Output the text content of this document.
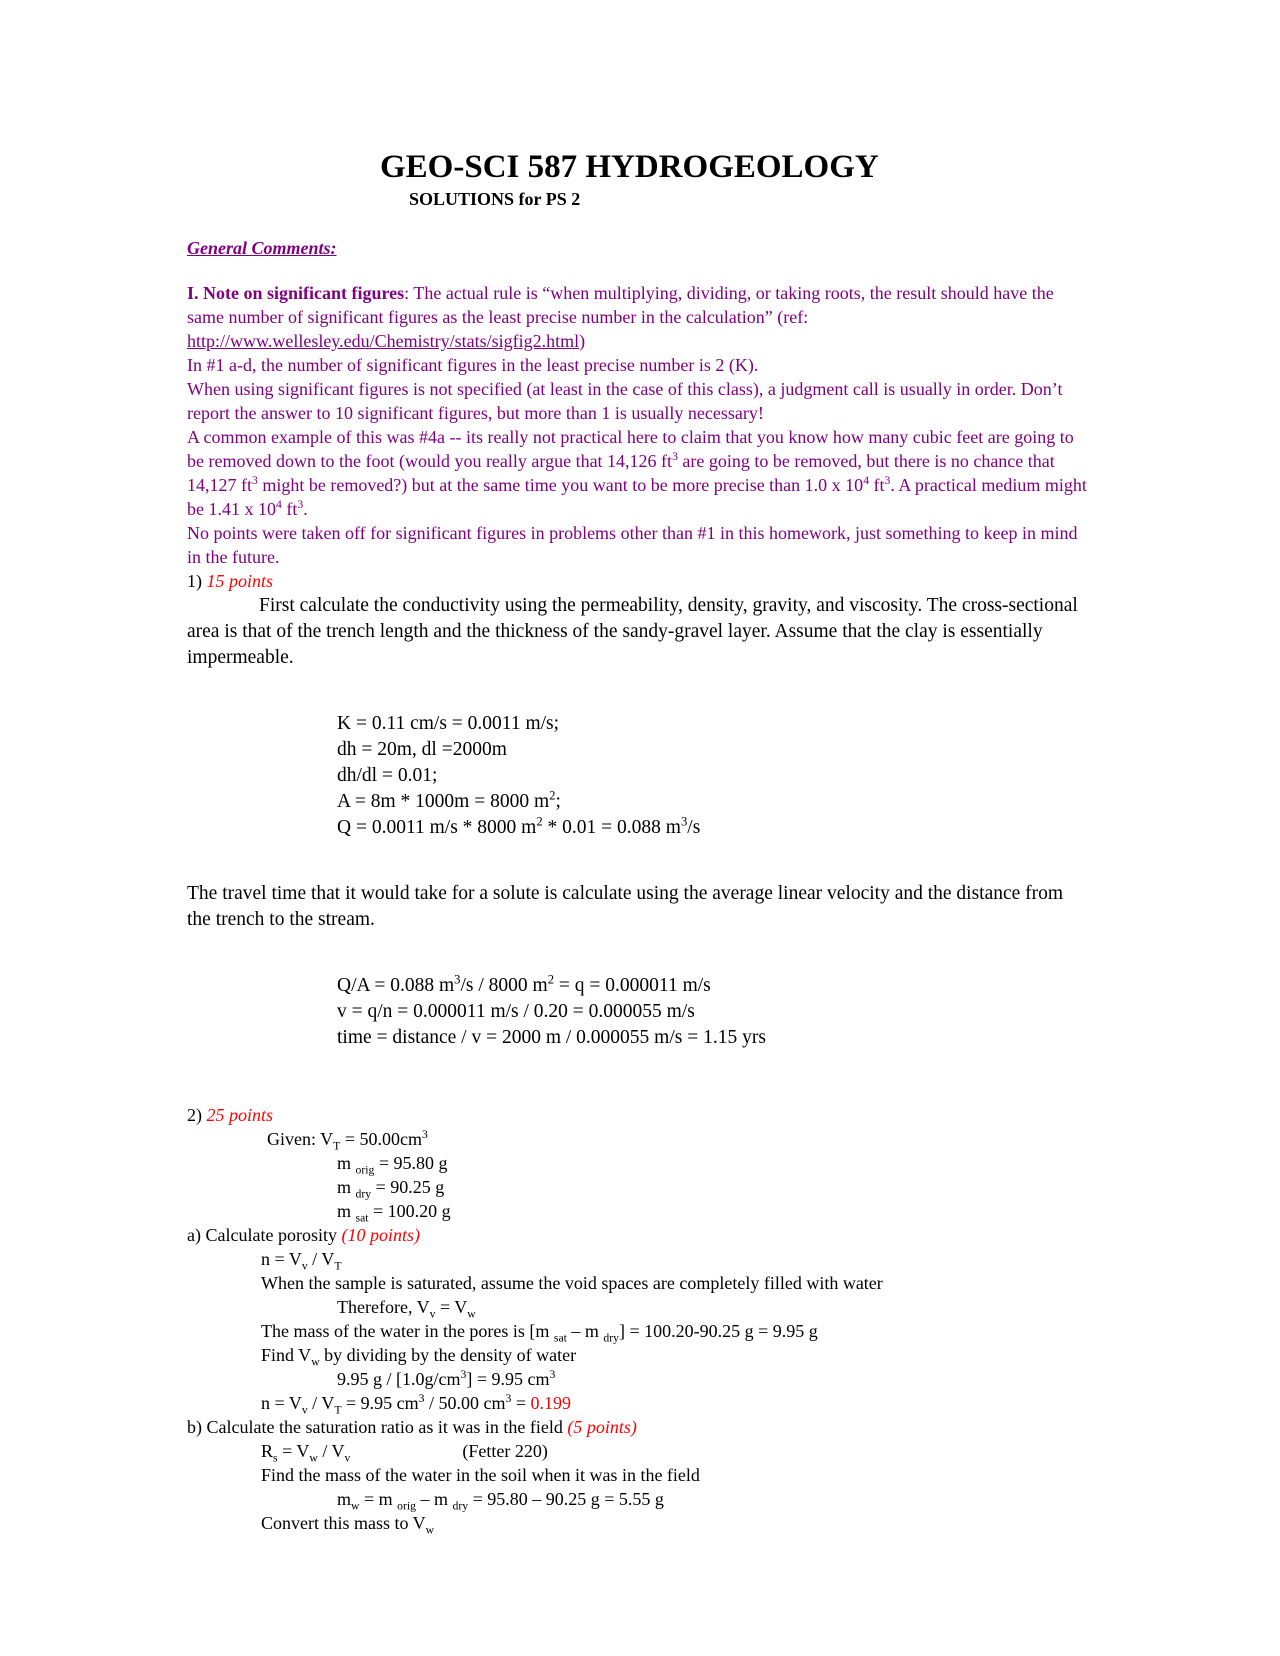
GEO-SCI 587 HYDROGEOLOGY
SOLUTIONS for PS 2

General Comments:

I. Note on significant figures: The actual rule is “when multiplying, dividing, or taking roots, the result should have the same number of significant figures as the least precise number in the calculation” (ref: http://www.wellesley.edu/Chemistry/stats/sigfig2.html)

In #1 a-d, the number of significant figures in the least precise number is 2 (K).

When using significant figures is not specified (at least in the case of this class), a judgment call is usually in order. Don’t report the answer to 10 significant figures, but more than 1 is usually necessary!

A common example of this was #4a -- its really not practical here to claim that you know how many cubic feet are going to be removed down to the foot (would you really argue that 14,126 $ft^3$ are going to be removed, but there is no chance that 14,127 $ft^3$ might be removed?) but at the same time you want to be more precise than 1.0 x $10^4$ $ft^3$. A practical medium might be 1.41 x $10^4$ $ft^3$.

No points were taken off for significant figures in problems other than #1 in this homework, just something to keep in mind in the future.

1) 15 points

First calculate the conductivity using the permeability, density, gravity, and viscosity. The cross-sectional area is that of the trench length and the thickness of the sandy-gravel layer. Assume that the clay is essentially impermeable.

K = 0.11 cm/s = 0.0011 m/s;

dh = 20m, dl =2000m

dh/dl = 0.01;

A = 8m * 1000m = 8000 $m^2$;

Q = 0.0011 m/s * 8000 $m^2 * 0.01 = 0.088$ $m^3/s$

The travel time that it would take for a solute is calculate using the average linear velocity and the distance from the trench to the stream.

Q/A = 0.088 $m^3/s / 8000$ $m^2 = q = 0.000011$ m/s

v = q/n = 0.000011 m/s / 0.20 = 0.000055 m/s

time = distance / v = 2000 m / 0.000055 m/s = 1.15 yrs

2) 25 points

Given: $V_T = 50.00cm^3$

m $_{orig}$ = 95.80 g

m $_{dry}$ = 90.25 g

m $_{sat}$ = 100.20 g

a) Calculate porosity (10 points)

$n = V_v / V_T$

When the sample is saturated, assume the void spaces are completely filled with water

Therefore, $V_v = V_w$

The mass of the water in the pores is [m $_{sat}$ – m $_{dry}$] = 100.20-90.25 g = 9.95 g

Find $V_w$ by dividing by the density of water

9.95 $g / [1.0g/cm^3] = 9.95$ $cm^3$

$n = V_v / V_T = 9.95$ $cm^3 / 50.00$ $cm^3 = 0.199$

b) Calculate the saturation ratio as it was in the field (5 points)

$R_s = V_w / V_v$	(Fetter 220)

Find the mass of the water in the soil when it was in the field

$m_w = m$ $_{orig}$ – m $_{dry}$ = 95.80 – 90.25 g = 5.55 g

Convert this mass to $V_w$
